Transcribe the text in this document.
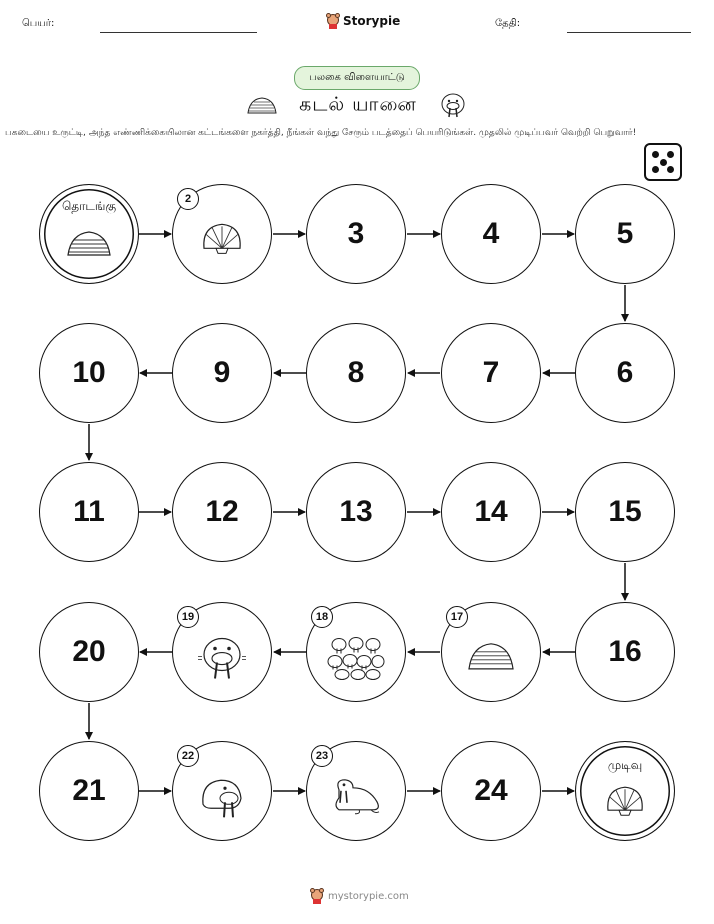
பெயர்:	Storypie	தேதி:
பலகை விளையாட்டு
கடல் யானை
பகடையை உருட்டி, அந்த எண்ணிக்கையிலான கட்டங்களை நகர்த்தி, நீங்கள் வந்து சேரும் படத்தைப் பெயரிடுங்கள். முதலில் முடிப்பவர் வெற்றி பெறுவார்!
தொடங்கு	2
3	4	5
6
7
8
9
10
11	12	13	14	15
16
17
18
19
20
21
22	23
24
முடிவு
mystorypie.com
